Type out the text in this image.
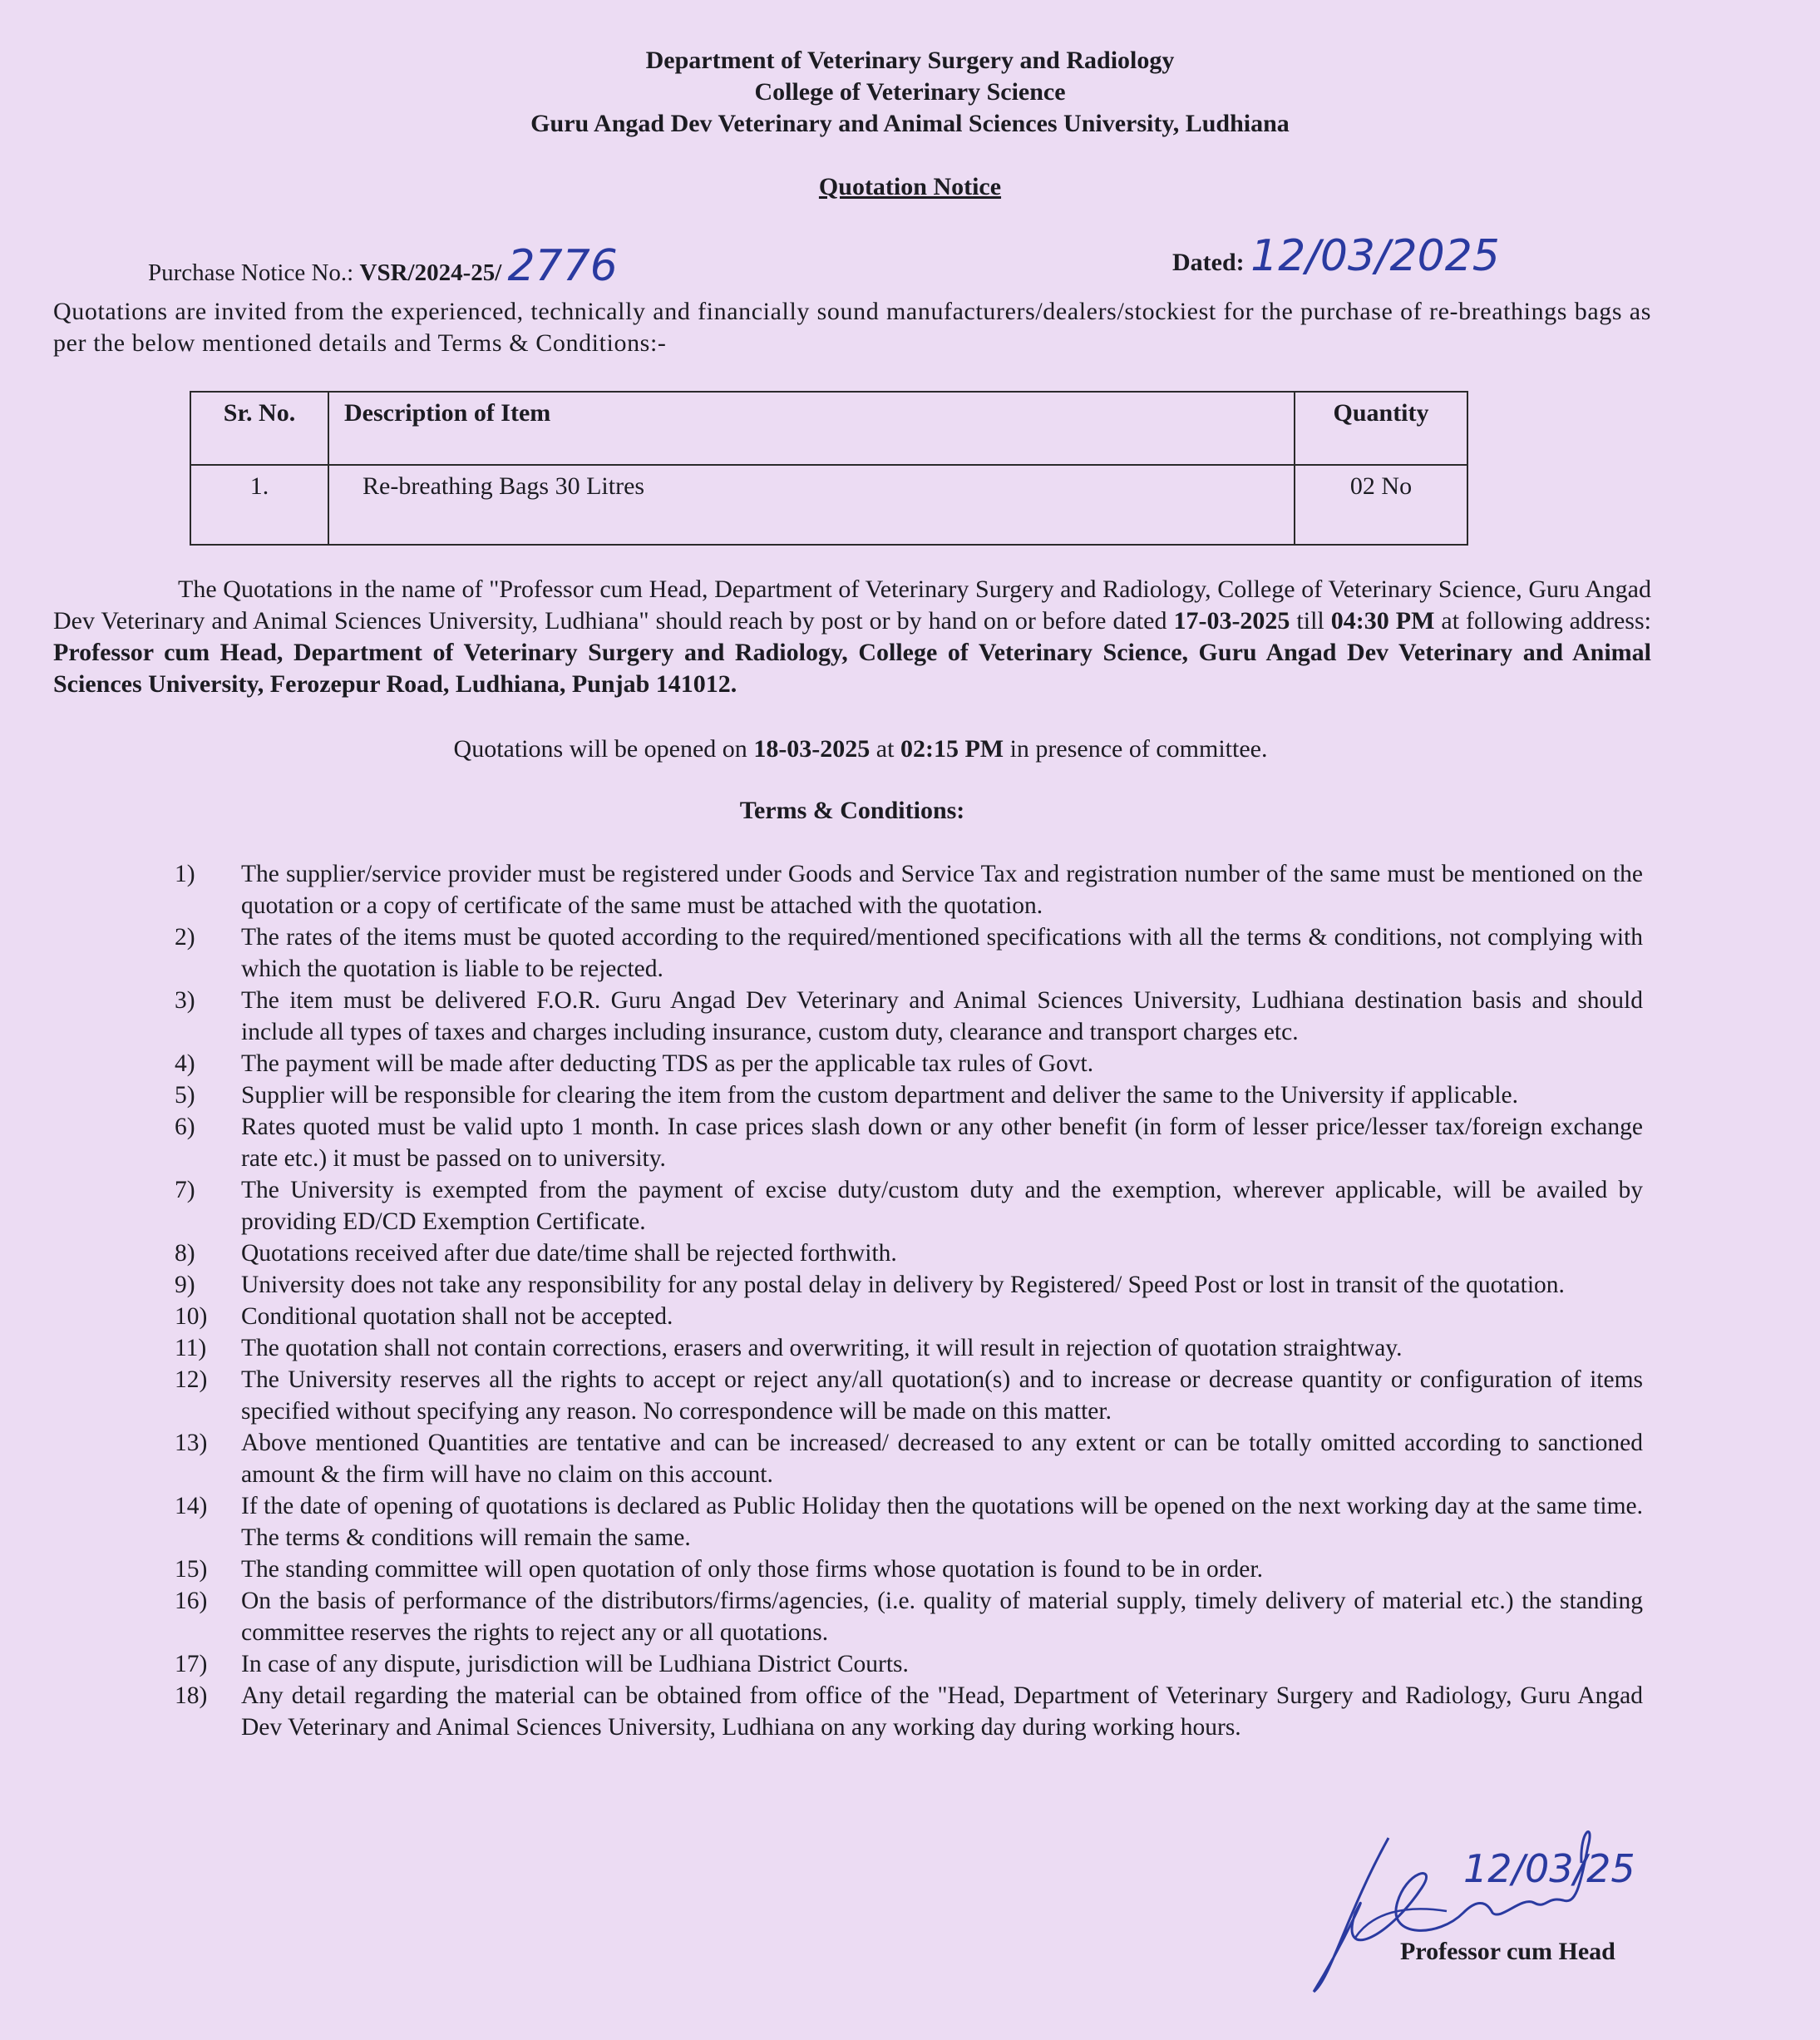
Department of Veterinary Surgery and Radiology
College of Veterinary Science
Guru Angad Dev Veterinary and Animal Sciences University, Ludhiana
Quotation Notice
Purchase Notice No.: VSR/2024-25/ 2776	Dated: 12/03/2025
Quotations are invited from the experienced, technically and financially sound manufacturers/dealers/stockiest for the purchase of re-breathings bags as per the below mentioned details and Terms & Conditions:-
Sr. No.	Description of Item	Quantity
1.	Re-breathing Bags 30 Litres	02 No
The Quotations in the name of "Professor cum Head, Department of Veterinary Surgery and Radiology, College of Veterinary Science, Guru Angad Dev Veterinary and Animal Sciences University, Ludhiana" should reach by post or by hand on or before dated 17-03-2025 till 04:30 PM at following address: Professor cum Head, Department of Veterinary Surgery and Radiology, College of Veterinary Science, Guru Angad Dev Veterinary and Animal Sciences University, Ferozepur Road, Ludhiana, Punjab 141012.
Quotations will be opened on 18-03-2025 at 02:15 PM in presence of committee.
Terms & Conditions:
1)	The supplier/service provider must be registered under Goods and Service Tax and registration number of the same must be mentioned on the quotation or a copy of certificate of the same must be attached with the quotation.
2)	The rates of the items must be quoted according to the required/mentioned specifications with all the terms & conditions, not complying with which the quotation is liable to be rejected.
3)	The item must be delivered F.O.R. Guru Angad Dev Veterinary and Animal Sciences University, Ludhiana destination basis and should include all types of taxes and charges including insurance, custom duty, clearance and transport charges etc.
4)	The payment will be made after deducting TDS as per the applicable tax rules of Govt.
5)	Supplier will be responsible for clearing the item from the custom department and deliver the same to the University if applicable.
6)	Rates quoted must be valid upto 1 month. In case prices slash down or any other benefit (in form of lesser price/lesser tax/foreign exchange rate etc.) it must be passed on to university.
7)	The University is exempted from the payment of excise duty/custom duty and the exemption, wherever applicable, will be availed by providing ED/CD Exemption Certificate.
8)	Quotations received after due date/time shall be rejected forthwith.
9)	University does not take any responsibility for any postal delay in delivery by Registered/ Speed Post or lost in transit of the quotation.
10)	Conditional quotation shall not be accepted.
11)	The quotation shall not contain corrections, erasers and overwriting, it will result in rejection of quotation straightway.
12)	The University reserves all the rights to accept or reject any/all quotation(s) and to increase or decrease quantity or configuration of items specified without specifying any reason. No correspondence will be made on this matter.
13)	Above mentioned Quantities are tentative and can be increased/ decreased to any extent or can be totally omitted according to sanctioned amount & the firm will have no claim on this account.
14)	If the date of opening of quotations is declared as Public Holiday then the quotations will be opened on the next working day at the same time. The terms & conditions will remain the same.
15)	The standing committee will open quotation of only those firms whose quotation is found to be in order.
16)	On the basis of performance of the distributors/firms/agencies, (i.e. quality of material supply, timely delivery of material etc.) the standing committee reserves the rights to reject any or all quotations.
17)	In case of any dispute, jurisdiction will be Ludhiana District Courts.
18)	Any detail regarding the material can be obtained from office of the "Head, Department of Veterinary Surgery and Radiology, Guru Angad Dev Veterinary and Animal Sciences University, Ludhiana on any working day during working hours.
12/03/25
Professor cum Head
